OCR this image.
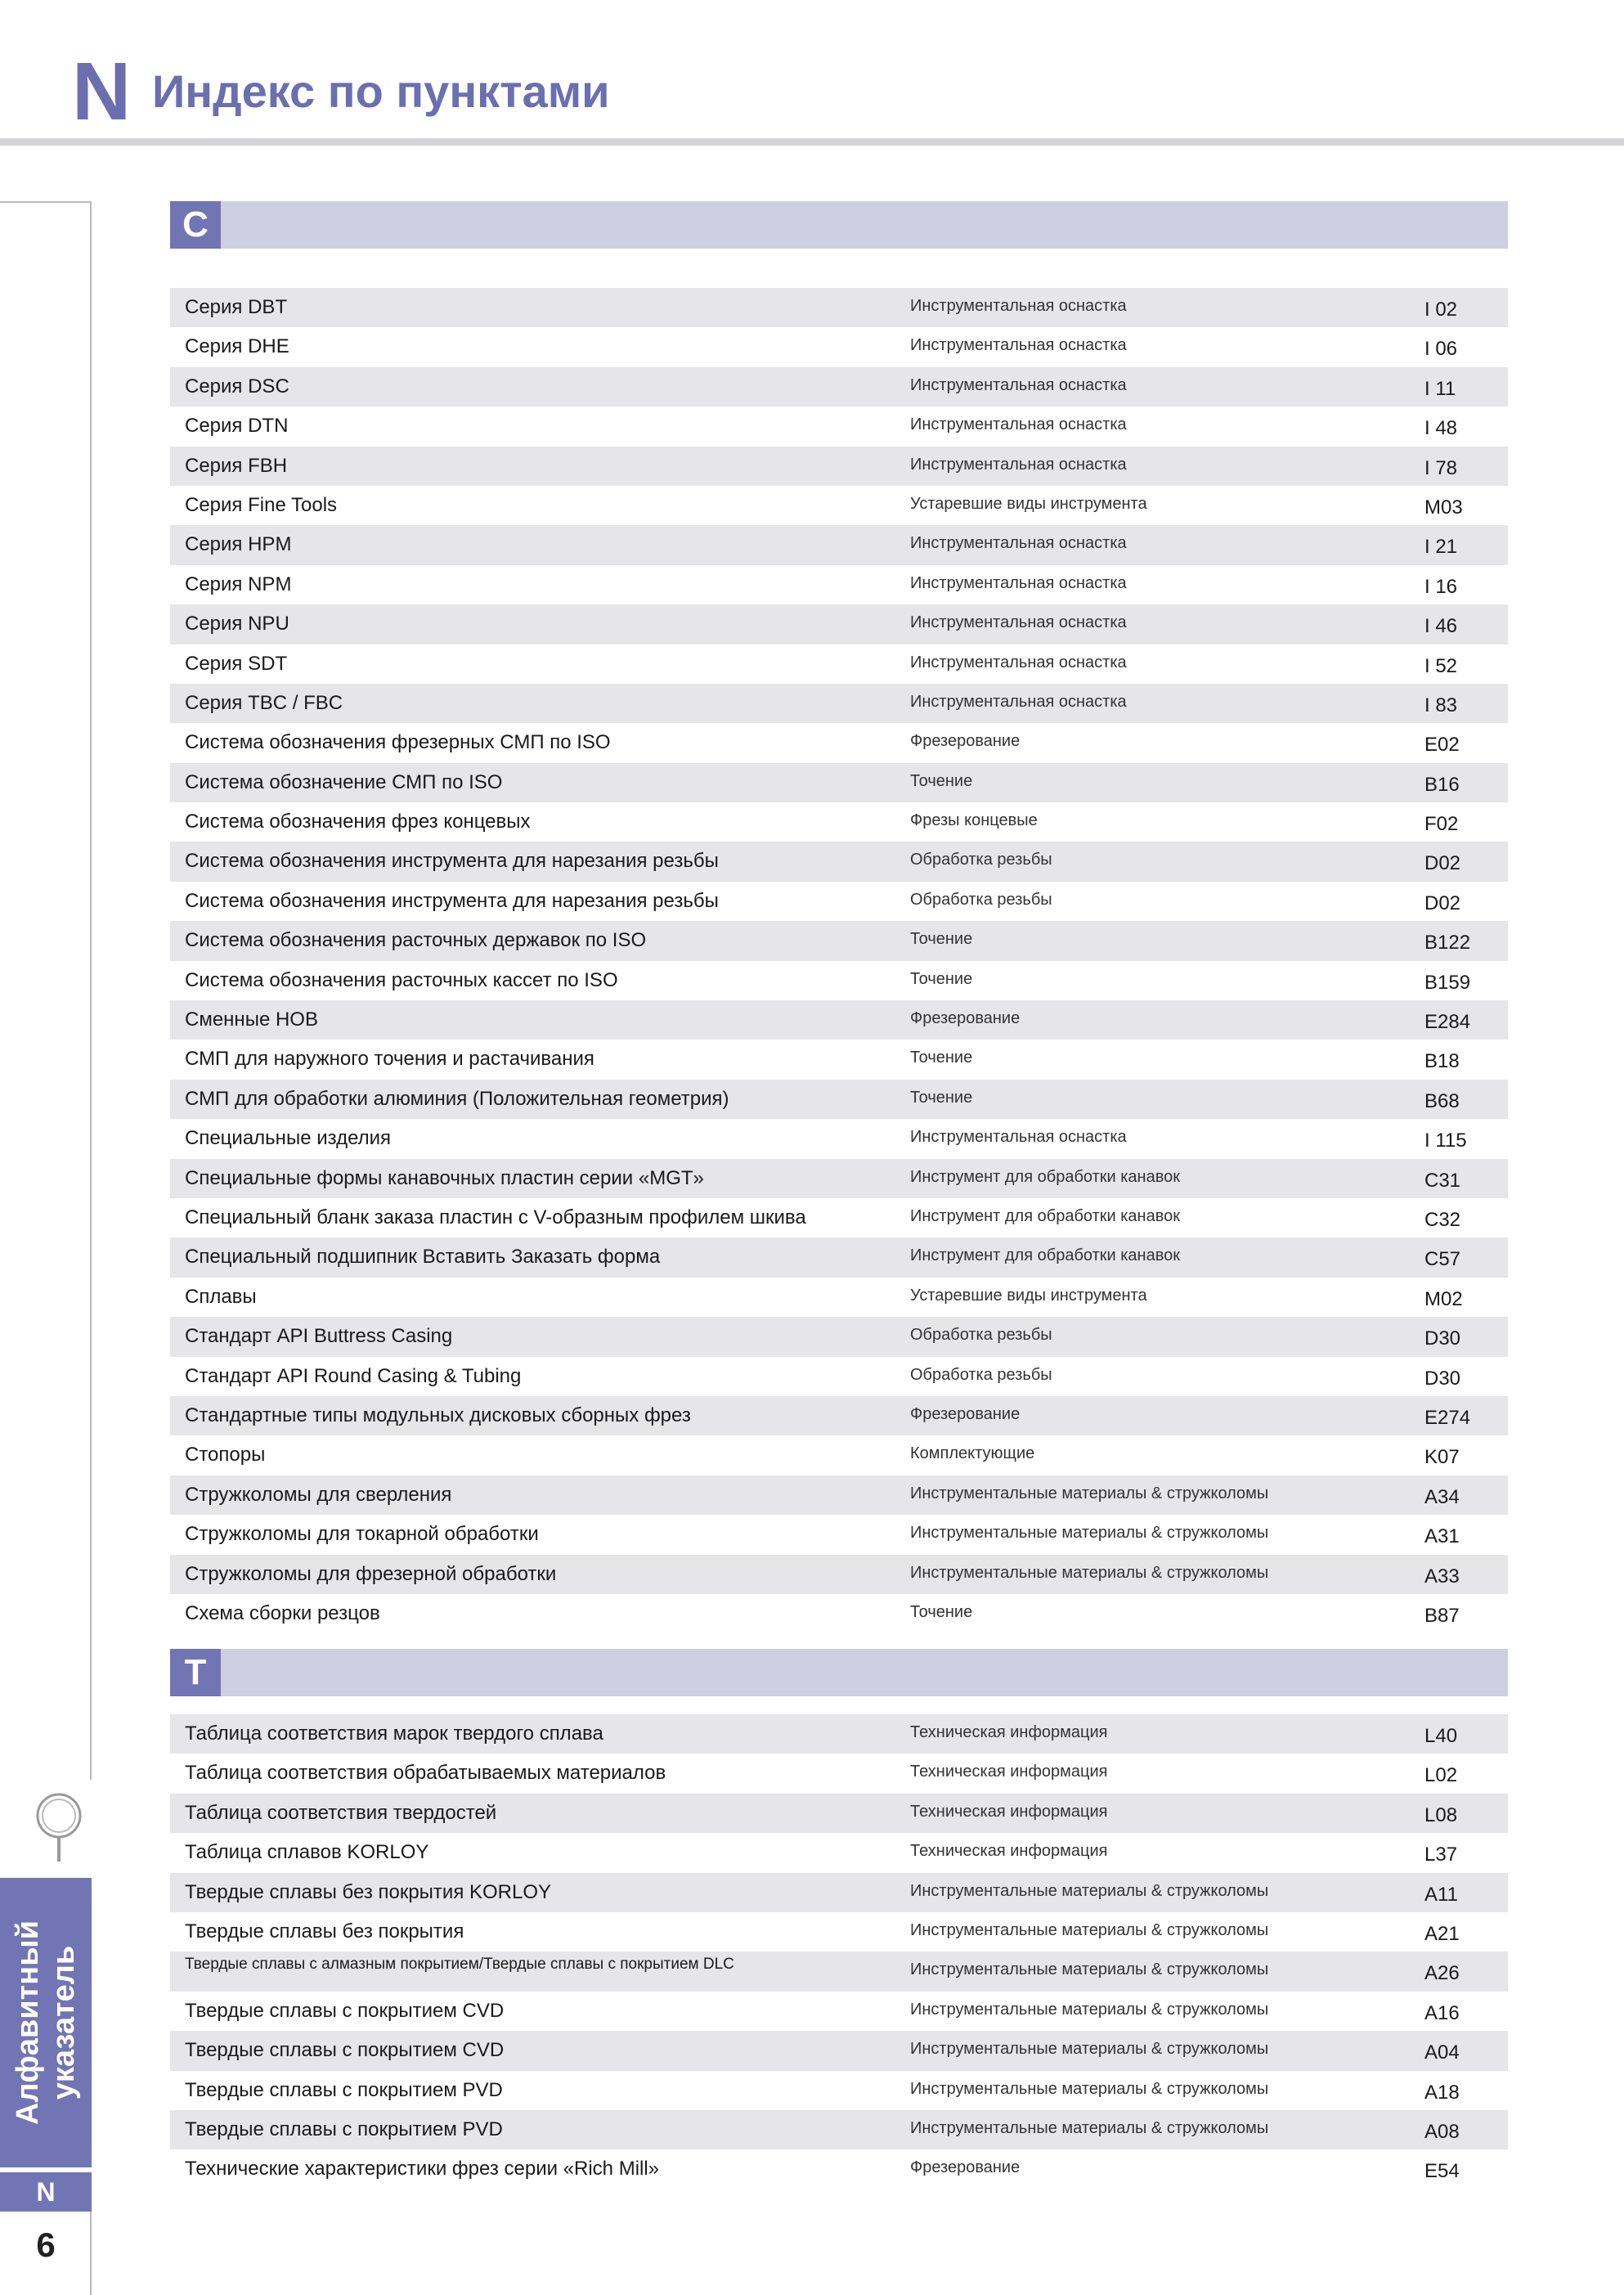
N Индекс по пунктами
Алфавитный указатель
N
6
C
Серия DBT	Инструментальная оснастка	I 02
Серия DHE	Инструментальная оснастка	I 06
Серия DSC	Инструментальная оснастка	I 11
Серия DTN	Инструментальная оснастка	I 48
Серия FBH	Инструментальная оснастка	I 78
Серия Fine Tools	Устаревшие виды инструмента	M03
Серия HPM	Инструментальная оснастка	I 21
Серия NPM	Инструментальная оснастка	I 16
Серия NPU	Инструментальная оснастка	I 46
Серия SDT	Инструментальная оснастка	I 52
Серия TBC / FBC	Инструментальная оснастка	I 83
Система обозначения фрезерных СМП по ISO	Фрезерование	E02
Система обозначение СМП по ISO	Точение	B16
Система обозначения фрез концевых	Фрезы концевые	F02
Система обозначения инструмента для нарезания резьбы	Обработка резьбы	D02
Система обозначения инструмента для нарезания резьбы	Обработка резьбы	D02
Система обозначения расточных державок по ISO	Точение	B122
Система обозначения расточных кассет по ISO	Точение	B159
Сменные HOB	Фрезерование	E284
СМП для наружного точения и растачивания	Точение	B18
СМП для обработки алюминия (Положительная геометрия)	Точение	B68
Специальные изделия	Инструментальная оснастка	I 115
Специальные формы канавочных пластин серии «MGT»	Инструмент для обработки канавок	C31
Специальный бланк заказа пластин с V-образным профилем шкива	Инструмент для обработки канавок	C32
Специальный подшипник Вставить Заказать форма	Инструмент для обработки канавок	C57
Сплавы	Устаревшие виды инструмента	M02
Стандарт API Buttress Casing	Обработка резьбы	D30
Стандарт API Round Casing & Tubing	Обработка резьбы	D30
Стандартные типы модульных дисковых сборных фрез	Фрезерование	E274
Стопоры	Комплектующие	K07
Стружколомы для сверления	Инструментальные материалы & стружколомы	A34
Стружколомы для токарной обработки	Инструментальные материалы & стружколомы	A31
Стружколомы для фрезерной обработки	Инструментальные материалы & стружколомы	A33
Схема сборки резцов	Точение	B87
T
Таблица соответствия марок твердого сплава	Техническая информация	L40
Таблица соответствия обрабатываемых материалов	Техническая информация	L02
Таблица соответствия твердостей	Техническая информация	L08
Таблица сплавов KORLOY	Техническая информация	L37
Твердые сплавы без покрытия KORLOY	Инструментальные материалы & стружколомы	A11
Твердые сплавы без покрытия	Инструментальные материалы & стружколомы	A21
Твердые сплавы с алмазным покрытием/Твердые сплавы с покрытием DLC	Инструментальные материалы & стружколомы	A26
Твердые сплавы с покрытием CVD	Инструментальные материалы & стружколомы	A16
Твердые сплавы с покрытием CVD	Инструментальные материалы & стружколомы	A04
Твердые сплавы с покрытием PVD	Инструментальные материалы & стружколомы	A18
Твердые сплавы с покрытием PVD	Инструментальные материалы & стружколомы	A08
Технические характеристики фрез серии «Rich Mill»	Фрезерование	E54
